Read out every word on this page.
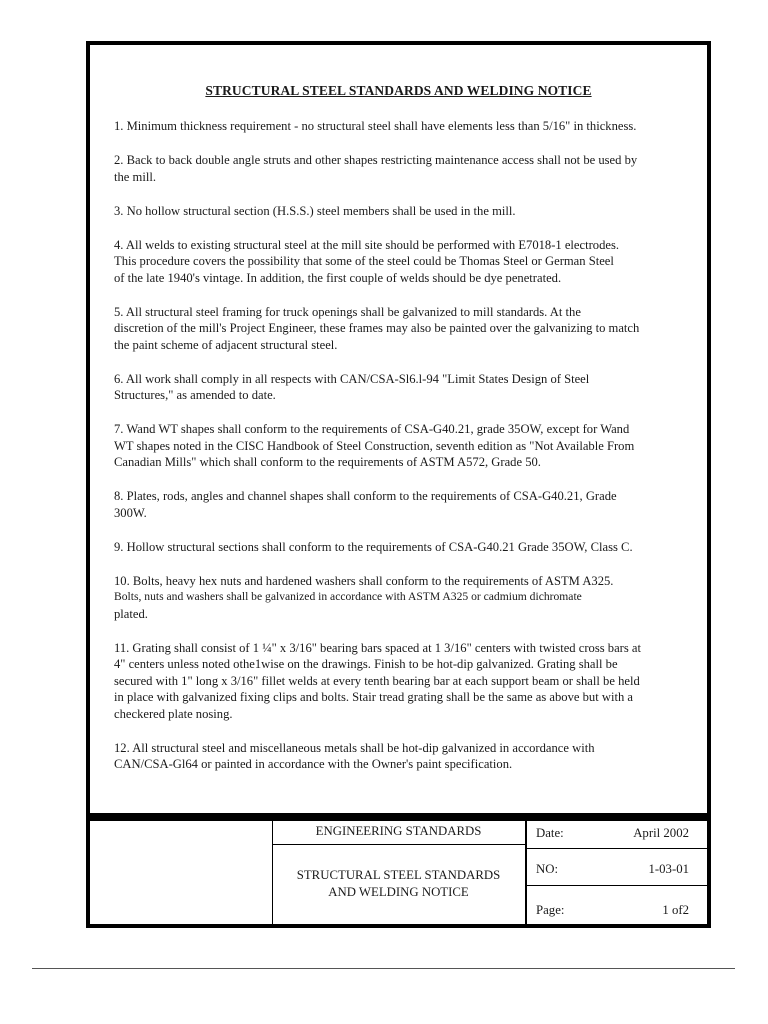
STRUCTURAL STEEL STANDARDS AND WELDING NOTICE
1. Minimum thickness requirement - no structural steel shall have elements less than 5/16" in thickness.
2. Back to back double angle struts and other shapes restricting maintenance access shall not be used by
the mill.
3. No hollow structural section (H.S.S.) steel members shall be used in the mill.
4. All welds to existing structural steel at the mill site should be performed with E7018-1 electrodes.
This procedure covers the possibility that some of the steel could be Thomas Steel or German Steel
of the late 1940's vintage. In addition, the first couple of welds should be dye penetrated.
5. All structural steel framing for truck openings shall be galvanized to mill standards. At the
discretion of the mill's Project Engineer, these frames may also be painted over the galvanizing to match
the paint scheme of adjacent structural steel.
6. All work shall comply in all respects with CAN/CSA-Sl6.l-94 "Limit States Design of Steel
Structures," as amended to date.
7. Wand WT shapes shall conform to the requirements of CSA-G40.21, grade 35OW, except for Wand
WT shapes noted in the CISC Handbook of Steel Construction, seventh edition as "Not Available From
Canadian Mills" which shall conform to the requirements of ASTM A572, Grade 50.
8. Plates, rods, angles and channel shapes shall conform to the requirements of CSA-G40.21, Grade
300W.
9. Hollow structural sections shall conform to the requirements of CSA-G40.21 Grade 35OW, Class C.
10. Bolts, heavy hex nuts and hardened washers shall conform to the requirements of ASTM A325.
Bolts, nuts and washers shall be galvanized in accordance with ASTM A325 or cadmium dichromate
plated.
11. Grating shall consist of 1 ¼" x 3/16" bearing bars spaced at 1 3/16" centers with twisted cross bars at
4" centers unless noted othe1wise on the drawings. Finish to be hot-dip galvanized. Grating shall be
secured with 1" long x 3/16" fillet welds at every tenth bearing bar at each support beam or shall be held
in place with galvanized fixing clips and bolts. Stair tread grating shall be the same as above but with a
checkered plate nosing.
12. All structural steel and miscellaneous metals shall be hot-dip galvanized in accordance with
CAN/CSA-Gl64 or painted in accordance with the Owner's paint specification.
ENGINEERING STANDARDS
STRUCTURAL STEEL STANDARDS
AND WELDING NOTICE
Date:	April 2002
NO:	1-03-01
Page:	1 of2
